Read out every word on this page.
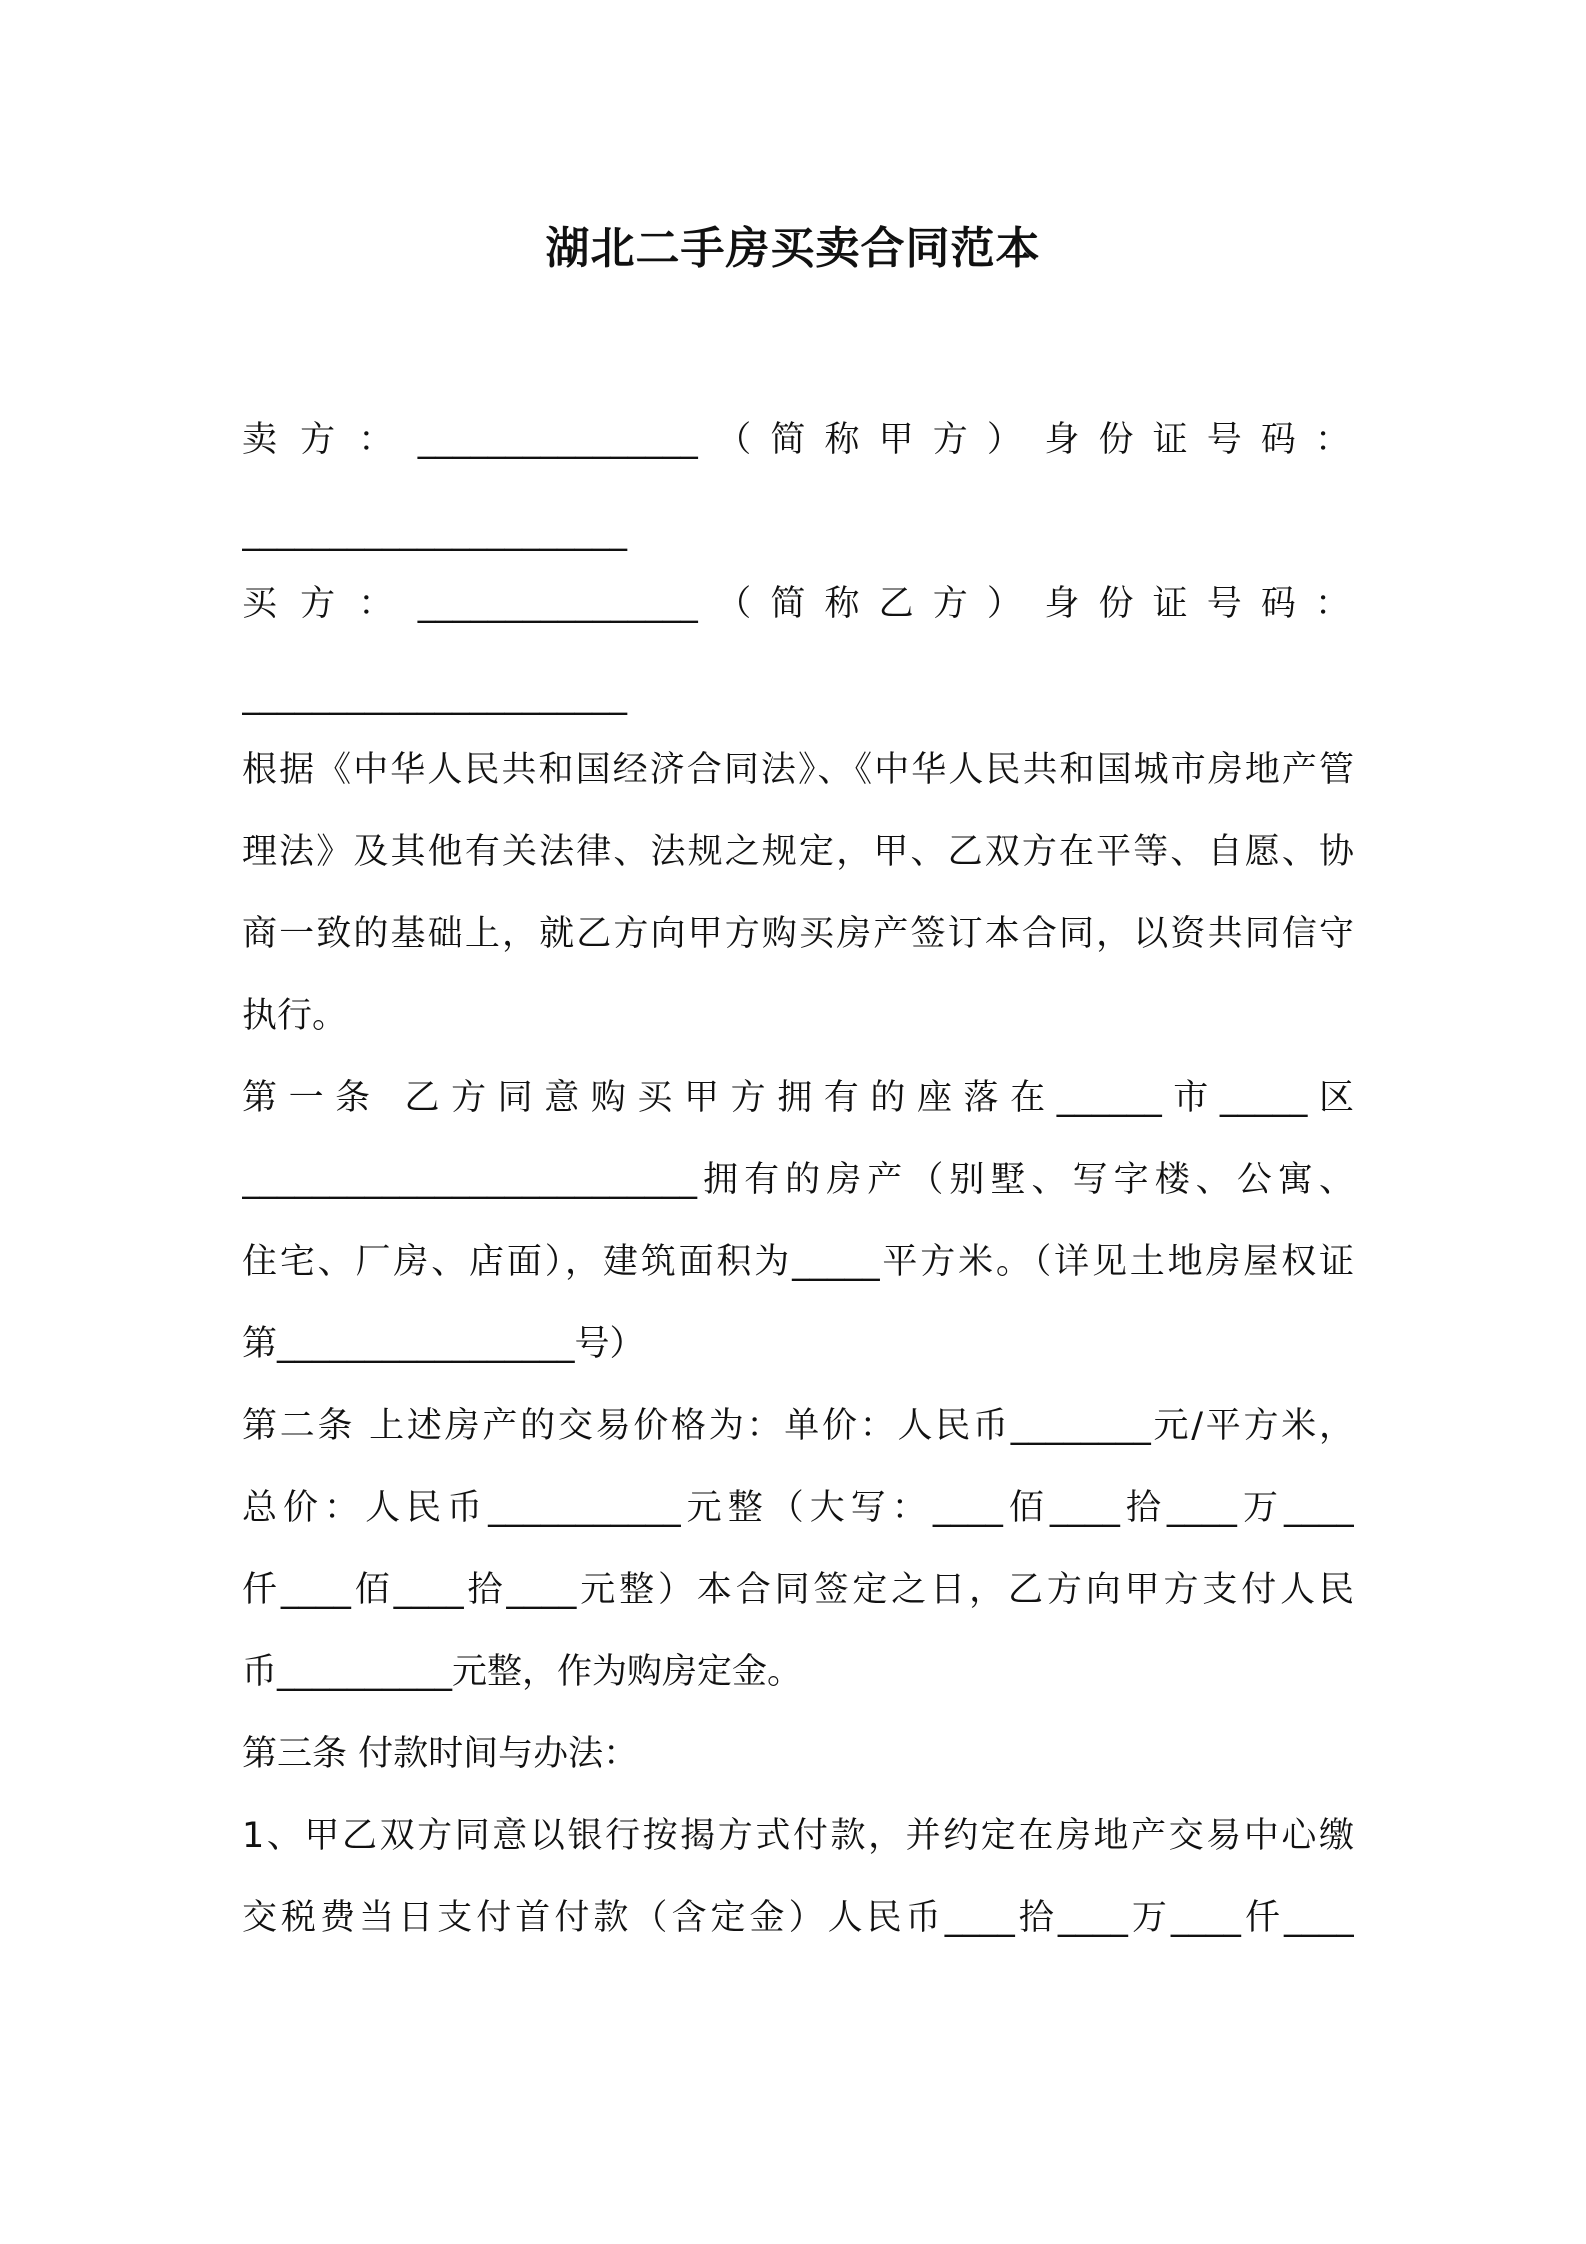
湖北二手房买卖合同范本
卖 方 ： ________________ （ 简 称 甲 方 ） 身 份 证 号 码 ：
______________________
买 方 ： ________________ （ 简 称 乙 方 ） 身 份 证 号 码 ：
______________________
根据《中华人民共和国经济合同法》、《中华人民共和国城市房地产管
理法》及其他有关法律、法规之规定，甲、乙双方在平等、自愿、协
商一致的基础上，就乙方向甲方购买房产签订本合同，以资共同信守
执行。
第一条 乙方同意购买甲方拥有的座落在______市_____区
__________________________拥有的房产（别墅、写字楼、公寓、
住宅、厂房、店面），建筑面积为_____平方米。（详见土地房屋权证
第_________________号）
第二条 上述房产的交易价格为：单价：人民币________元/平方米，
总价：人民币___________元整（大写：____佰____拾____万____
仟____佰____拾____元整）本合同签定之日，乙方向甲方支付人民
币__________元整，作为购房定金。
第三条 付款时间与办法：
1、甲乙双方同意以银行按揭方式付款，并约定在房地产交易中心缴
交税费当日支付首付款（含定金）人民币____拾____万____仟____
